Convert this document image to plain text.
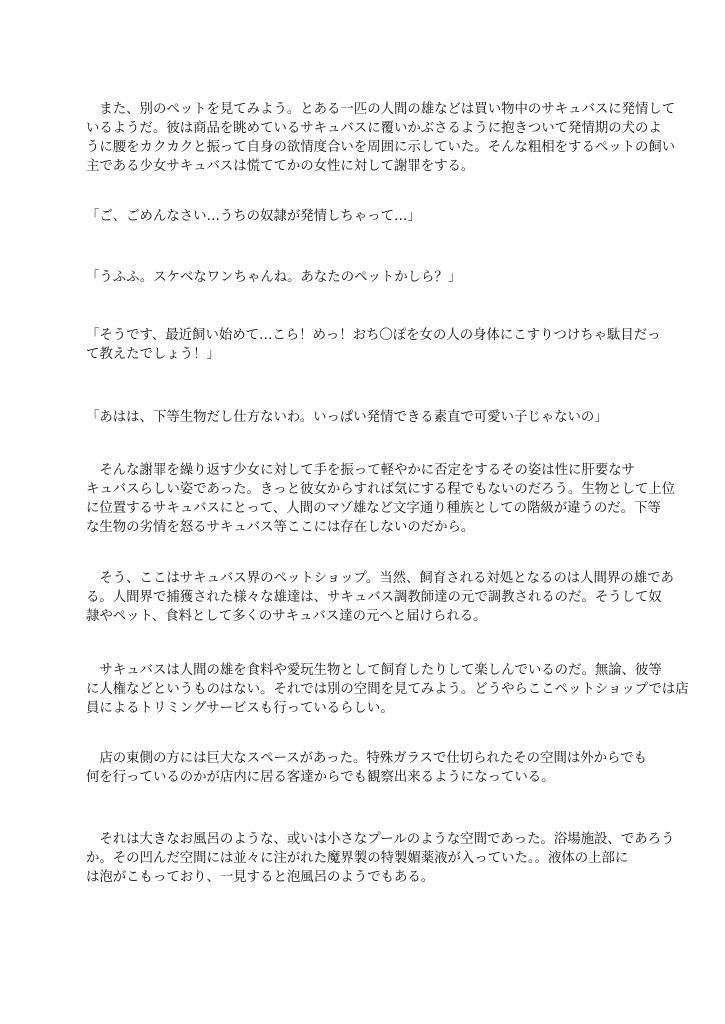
　また、別のペットを見てみよう。とある一匹の人間の雄などは買い物中のサキュバスに発情して
いるようだ。彼は商品を眺めているサキュバスに覆いかぶさるように抱きついて発情期の犬のよ
うに腰をカクカクと振って自身の欲情度合いを周囲に示していた。そんな粗相をするペットの飼い
主である少女サキュバスは慌ててかの女性に対して謝罪をする。
「ご、ごめんなさい…うちの奴隷が発情しちゃって…」
「うふふ。スケベなワンちゃんね。あなたのペットかしら？」
「そうです、最近飼い始めて…こら！めっ！おち〇ぽを女の人の身体にこすりつけちゃ駄目だっ
て教えたでしょう！」
「あはは、下等生物だし仕方ないわ。いっぱい発情できる素直で可愛い子じゃないの」
　そんな謝罪を繰り返す少女に対して手を振って軽やかに否定をするその姿は性に肝要なサ
キュバスらしい姿であった。きっと彼女からすれば気にする程でもないのだろう。生物として上位
に位置するサキュバスにとって、人間のマゾ雄など文字通り種族としての階級が違うのだ。下等
な生物の劣情を怒るサキュバス等ここには存在しないのだから。
　そう、ここはサキュバス界のペットショップ。当然、飼育される対処となるのは人間界の雄であ
る。人間界で捕獲された様々な雄達は、サキュバス調教師達の元で調教されるのだ。そうして奴
隷やペット、食料として多くのサキュバス達の元へと届けられる。
　サキュバスは人間の雄を食料や愛玩生物として飼育したりして楽しんでいるのだ。無論、彼等
に人権などというものはない。それでは別の空間を見てみよう。どうやらここペットショップでは店
員によるトリミングサービスも行っているらしい。
　店の東側の方には巨大なスペースがあった。特殊ガラスで仕切られたその空間は外からでも
何を行っているのかが店内に居る客達からでも観察出来るようになっている。
　それは大きなお風呂のような、或いは小さなプールのような空間であった。浴場施設、であろう
か。その凹んだ空間には並々に注がれた魔界製の特製媚薬液が入っていた。。液体の上部に
は泡がこもっており、一見すると泡風呂のようでもある。
